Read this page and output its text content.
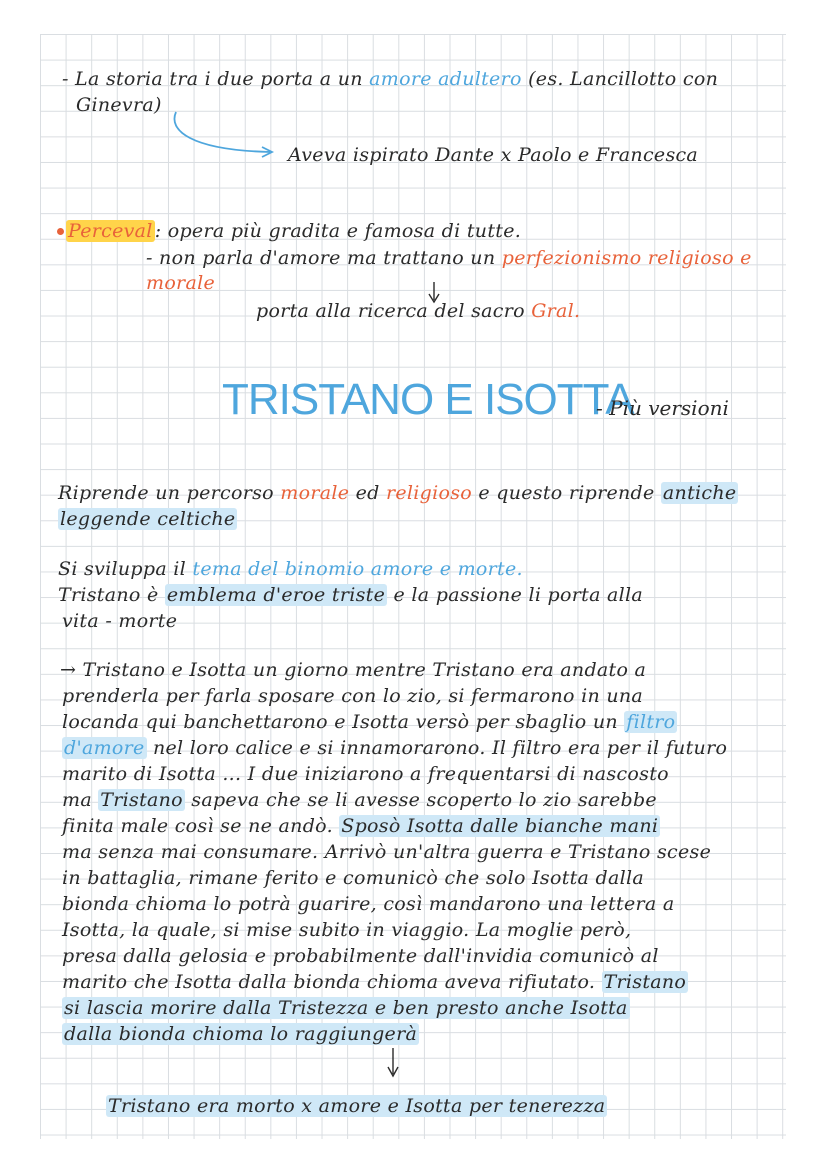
- La storia tra i due porta a un amore adultero (es. Lancillotto con
Ginevra)
Aveva ispirato Dante x Paolo e Francesca
Perceval : opera più gradita e famosa di tutte.
- non parla d'amore ma trattano un perfezionismo religioso e
morale
porta alla ricerca del sacro Gral.
TRISTANO E ISOTTA
- Più versioni
Riprende un percorso morale ed religioso e questo riprende antiche
leggende celtiche
Si sviluppa il tema del binomio amore e morte.
Tristano è emblema d'eroe triste e la passione li porta alla
vita - morte
→ Tristano e Isotta un giorno mentre Tristano era andato a
prenderla per farla sposare con lo zio, si fermarono in una
locanda qui banchettarono e Isotta versò per sbaglio un filtro
d'amore nel loro calice e si innamorarono. Il filtro era per il futuro
marito di Isotta ... I due iniziarono a frequentarsi di nascosto
ma Tristano sapeva che se li avesse scoperto lo zio sarebbe
finita male così se ne andò. Sposò Isotta dalle bianche mani
ma senza mai consumare. Arrivò un'altra guerra e Tristano scese
in battaglia, rimane ferito e comunicò che solo Isotta dalla
bionda chioma lo potrà guarire, così mandarono una lettera a
Isotta, la quale, si mise subito in viaggio. La moglie però,
presa dalla gelosia e probabilmente dall'invidia comunicò al
marito che Isotta dalla bionda chioma aveva rifiutato. Tristano
si lascia morire dalla Tristezza e ben presto anche Isotta
dalla bionda chioma lo raggiungerà
Tristano era morto x amore e Isotta per tenerezza
